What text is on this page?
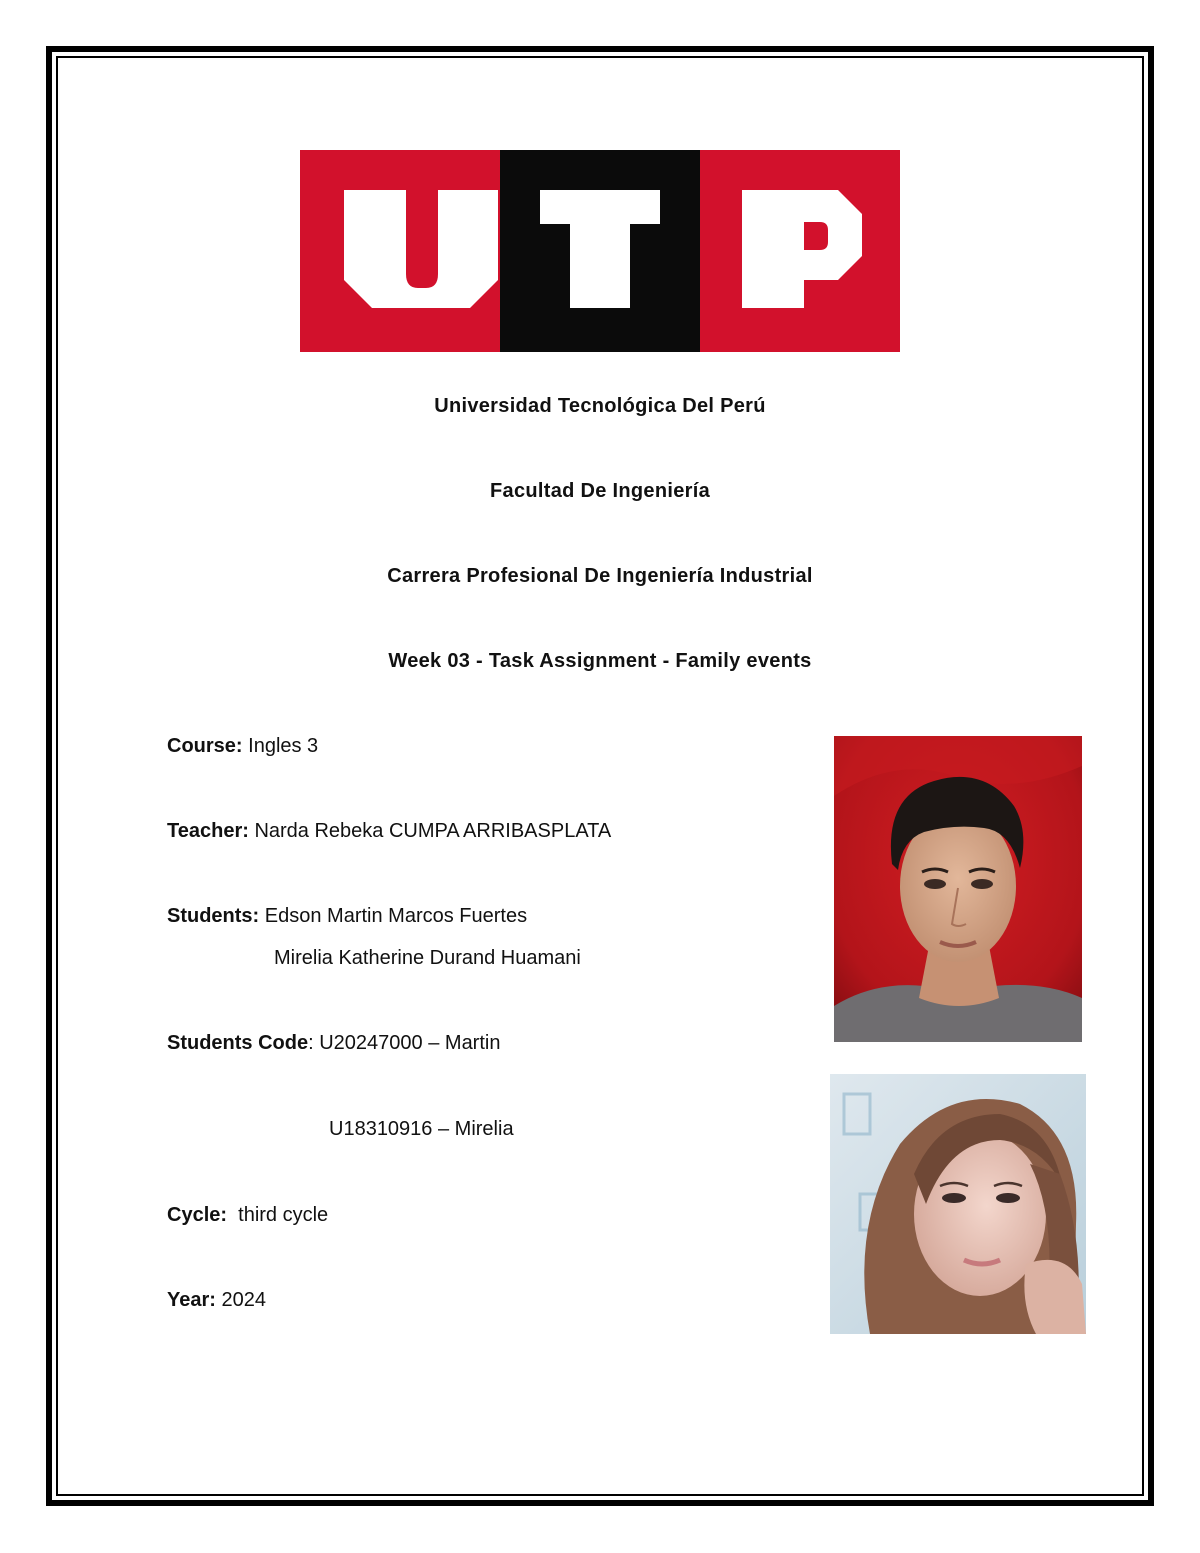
Universidad Tecnológica Del Perú
Facultad De Ingeniería
Carrera Profesional De Ingeniería Industrial
Week 03 - Task Assignment - Family events
Course: Ingles 3
Teacher: Narda Rebeka CUMPA ARRIBASPLATA
Students: Edson Martin Marcos Fuertes
Mirelia Katherine Durand Huamani
Students Code: U20247000 – Martin
U18310916 – Mirelia
Cycle:  third cycle
Year: 2024
